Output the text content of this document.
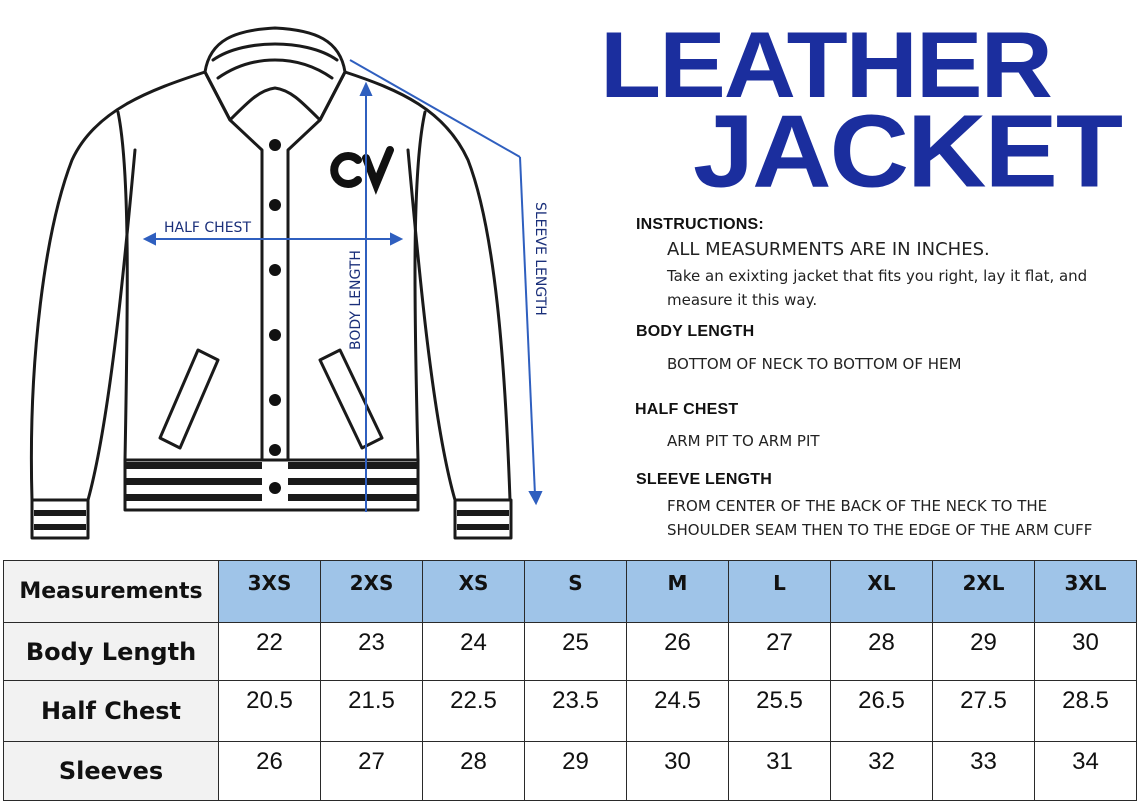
HALF CHEST
BODY LENGTH	SLEEVE LENGTH
LEATHER
JACKET
INSTRUCTIONS:
ALL MEASURMENTS ARE IN INCHES.
Take an exixting jacket that fits you right, lay it flat, and
measure it this way.
BODY LENGTH
BOTTOM OF NECK TO BOTTOM OF HEM
HALF CHEST
ARM PIT TO ARM PIT
SLEEVE LENGTH
FROM CENTER OF THE BACK OF THE NECK TO THE
SHOULDER SEAM THEN TO THE EDGE OF THE ARM CUFF
Measurements	3XS	2XS	XS	S	M	L	XL	2XL	3XL
Body Length	22	23	24	25	26	27	28	29	30
Half Chest	20.5	21.5	22.5	23.5	24.5	25.5	26.5	27.5	28.5
Sleeves	26	27	28	29	30	31	32	33	34
